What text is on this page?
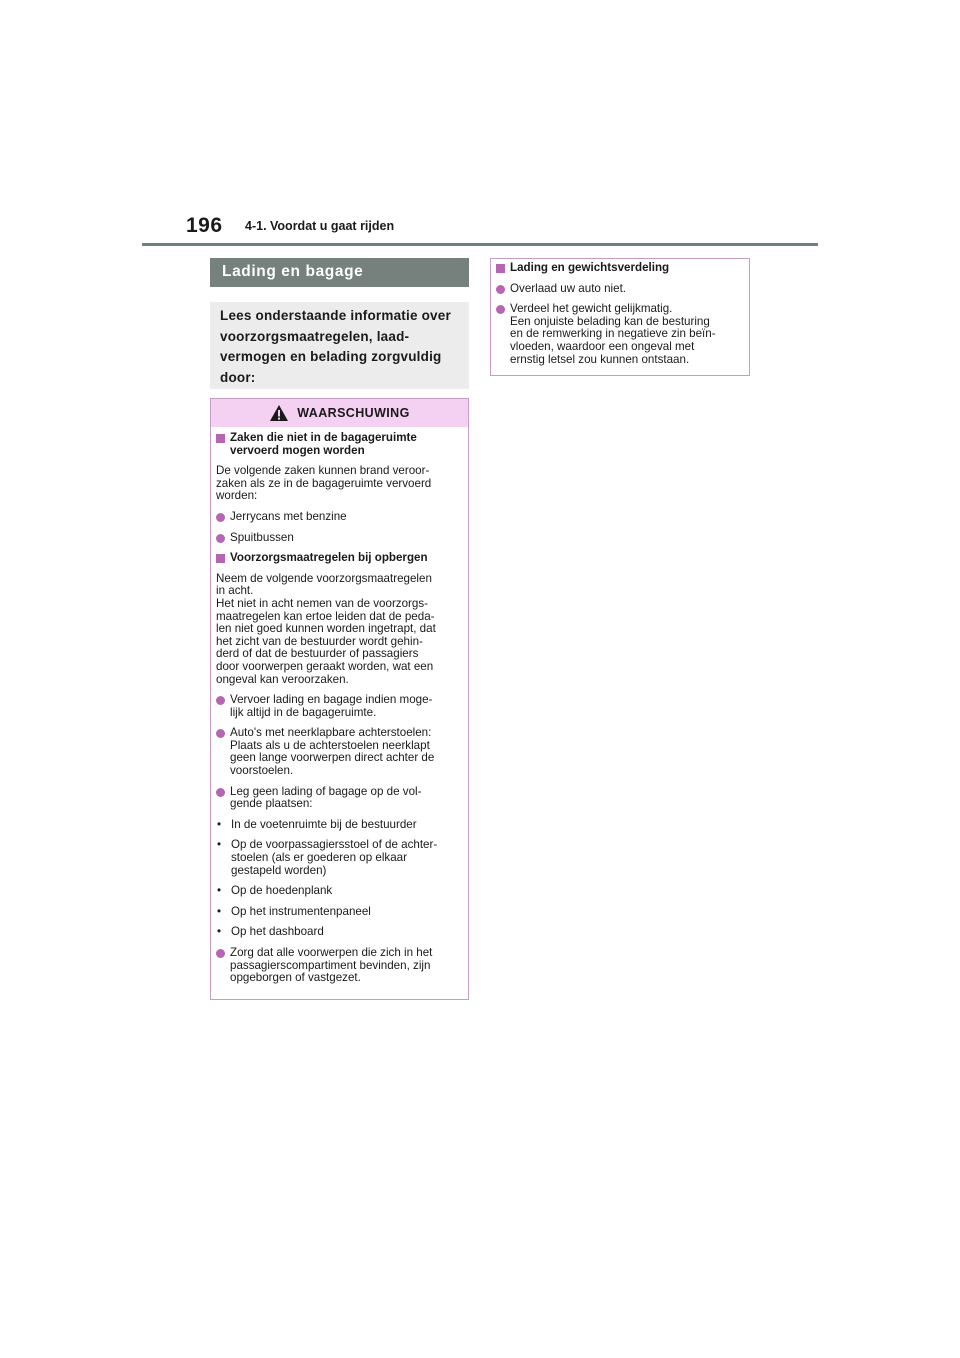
196 4-1. Voordat u gaat rijden
Lading en bagage
Lees onderstaande informatie over voorzorgsmaatregelen, laad-vermogen en belading zorgvuldig door:
WAARSCHUWING
Zaken die niet in de bagageruimte vervoerd mogen worden

De volgende zaken kunnen brand veroor-
zaken als ze in de bagageruimte vervoerd
worden:

Jerrycans met benzine
Spuitbussen
Voorzorgsmaatregelen bij opbergen

Neem de volgende voorzorgsmaatregelen
in acht.
Het niet in acht nemen van de voorzorgs-
maatregelen kan ertoe leiden dat de peda-
len niet goed kunnen worden ingetrapt, dat
het zicht van de bestuurder wordt gehin-
derd of dat de bestuurder of passagiers
door voorwerpen geraakt worden, wat een
ongeval kan veroorzaken.

Vervoer lading en bagage indien moge-
lijk altijd in de bagageruimte.
Auto's met neerklapbare achterstoelen:
Plaats als u de achterstoelen neerklapt
geen lange voorwerpen direct achter de
voorstoelen.
Leg geen lading of bagage op de vol-
gende plaatsen:
• In de voetenruimte bij de bestuurder
• Op de voorpassagiersstoel of de achter-
stoelen (als er goederen op elkaar
gestapeld worden)
• Op de hoedenplank
• Op het instrumentenpaneel
• Op het dashboard
Zorg dat alle voorwerpen die zich in het
passagierscompartiment bevinden, zijn
opgeborgen of vastgezet.
Lading en gewichtsverdeling
Overlaad uw auto niet.
Verdeel het gewicht gelijkmatig.
Een onjuiste belading kan de besturing
en de remwerking in negatieve zin beïn-
vloeden, waardoor een ongeval met
ernstig letsel zou kunnen ontstaan.
